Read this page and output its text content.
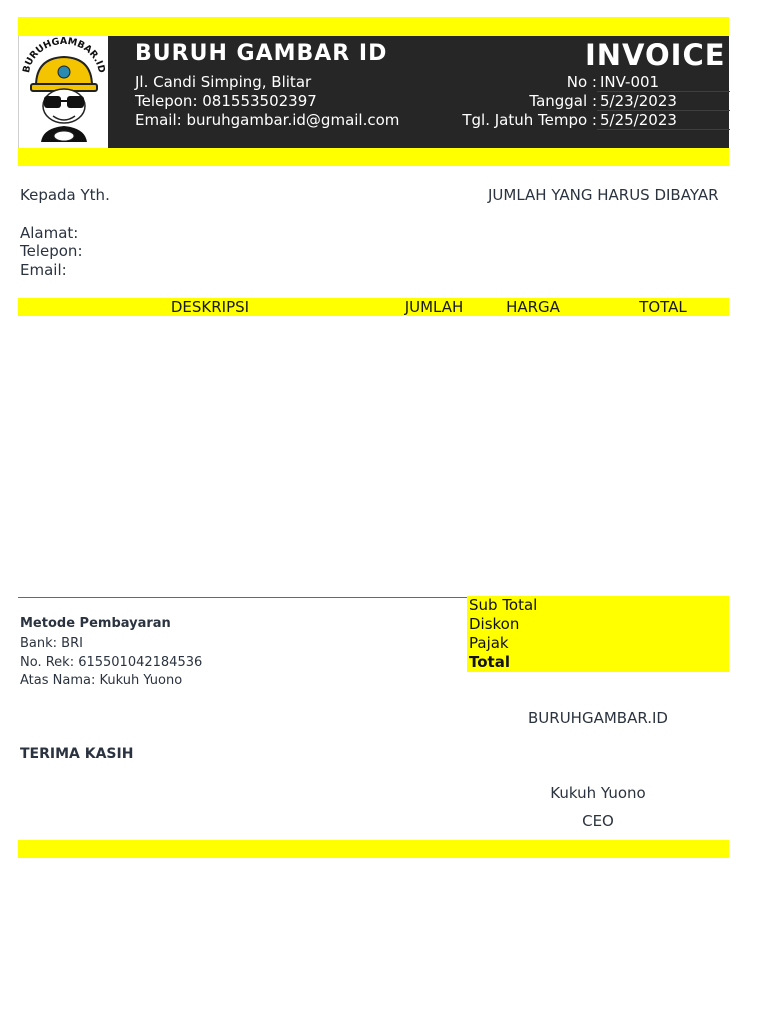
BURUHGAMBAR.ID
BURUH GAMBAR ID
Jl. Candi Simping, Blitar
Telepon: 081553502397
Email: buruhgambar.id@gmail.com
INVOICE
No : INV-001
Tanggal : 5/23/2023
Tgl. Jatuh Tempo : 5/25/2023
Kepada Yth.	JUMLAH YANG HARUS DIBAYAR
Alamat:
Telepon:
Email:
DESKRIPSI	JUMLAH	HARGA	TOTAL
Metode Pembayaran
Bank: BRI
No. Rek: 615501042184536
Atas Nama: Kukuh Yuono
Sub Total
Diskon
Pajak
Total
BURUHGAMBAR.ID
TERIMA KASIH
Kukuh Yuono
CEO
